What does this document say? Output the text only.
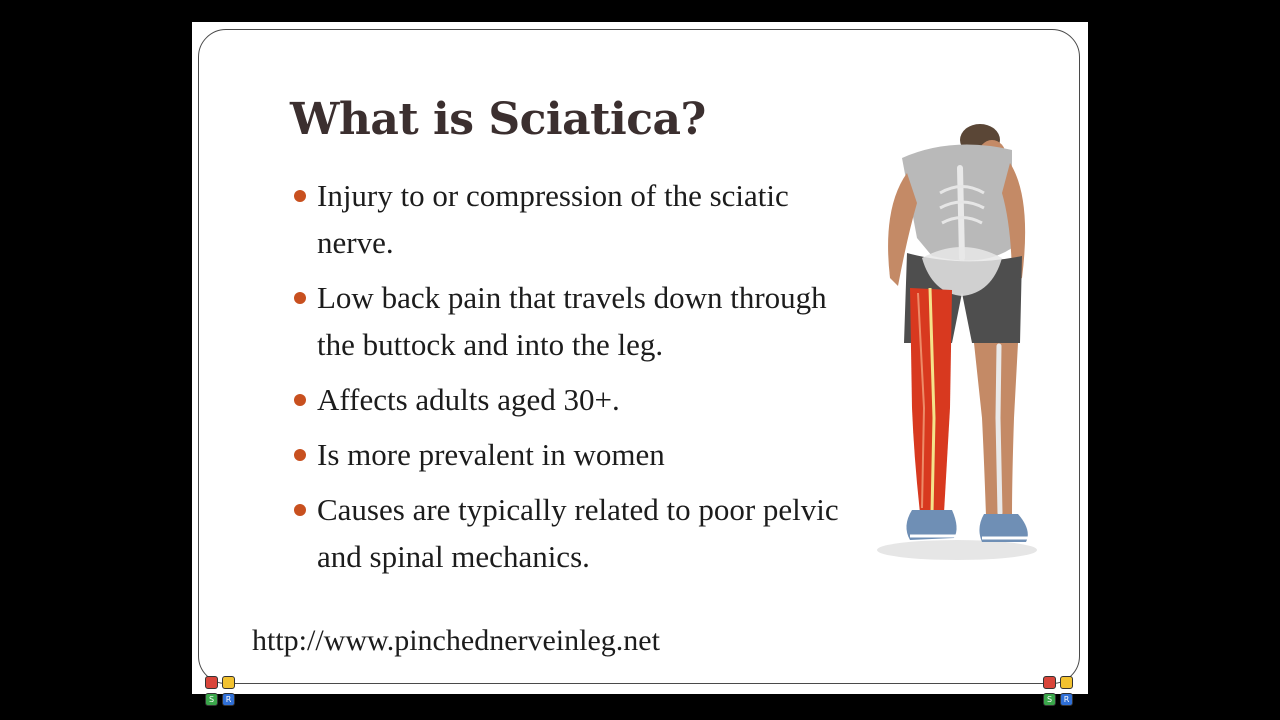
What is Sciatica?
Injury to or compression of the sciatic nerve.
Low back pain that travels down through the buttock and into the leg.
Affects adults aged 30+.
Is more prevalent in women
Causes are typically related to poor pelvic and spinal mechanics.
http://www.pinchednerveinleg.net
S	R	S	R
